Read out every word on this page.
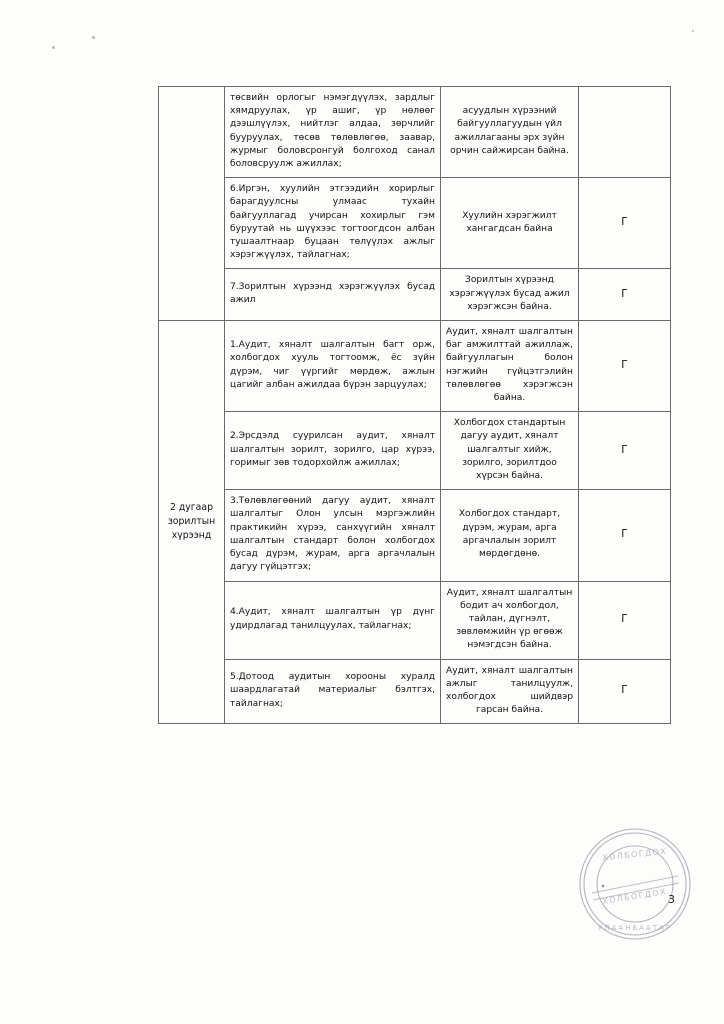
	төсвийн орлогыг нэмэгдүүлэх, зардлыг хямдруулах, үр ашиг, үр нөлөөг дээшлүүлэх, нийтлэг алдаа, зөрчлийг бууруулах, төсөв төлөвлөгөө, заавар, журмыг боловсронгуй болгоход санал боловсруулж ажиллах;	асуудлын хүрээний байгууллагуудын үйл ажиллагааны эрх зүйн орчин сайжирсан байна.	
	6.Иргэн, хуулийн этгээдийн хорирлыг барагдуулсны улмаас тухайн байгууллагад учирсан хохирлыг гэм буруутай нь шүүхээс тогтоогдсон албан тушаалтнаар буцаан төлүүлэх ажлыг хэрэгжүүлэх, тайлагнах;	Хуулийн хэрэгжилт хангагдсан байна	Г
	7.Зорилтын хүрээнд хэрэгжүүлэх бусад ажил	Зорилтын хүрээнд хэрэгжүүлэх бусад ажил хэрэгжсэн байна.	Г
2 дугаар зорилтын хүрээнд	1.Аудит, хяналт шалгалтын багт орж, холбогдох хууль тогтоомж, ёс зүйн дүрэм, чиг үүргийг мөрдөж, ажлын цагийг албан ажилдаа бүрэн зарцуулах;	Аудит, хяналт шалгалтын баг амжилттай ажиллаж, байгууллагын болон нэгжийн гүйцэтгэлийн төлөвлөгөө хэрэгжсэн байна.	Г
	2.Эрсдэлд суурилсан аудит, хяналт шалгалтын зорилт, зорилго, цар хүрээ, горимыг зөв тодорхойлж ажиллах;	Холбогдох стандартын дагуу аудит, хяналт шалгалтыг хийж, зорилго, зорилтдоо хүрсэн байна.	Г
	3.Төлөвлөгөөний дагуу аудит, хяналт шалгалтыг Олон улсын мэргэжлийн практикийн хүрээ, санхүүгийн хяналт шалгалтын стандарт болон холбогдох бусад дүрэм, журам, арга аргачлалын дагуу гүйцэтгэх;	Холбогдох стандарт, дүрэм, журам, арга аргачлалын зорилт мөрдөгдөнө.	Г
	4.Аудит, хяналт шалгалтын үр дүнг удирдлагад танилцуулах, тайлагнах;	Аудит, хяналт шалгалтын бодит ач холбогдол, тайлан, дүгнэлт, зөвлөмжийн үр өгөөж нэмэгдсэн байна.	Г
	5.Дотоод аудитын хорооны хуралд шаардлагатай материалыг бэлтгэх, тайлагнах;	Аудит, хяналт шалгалтын ажлыг танилцуулж, холбогдох шийдвэр гарсан байна.	Г
ХОЛБОГДОХ
ХОЛБОГДОХ
УЛААНБААТАР
3
